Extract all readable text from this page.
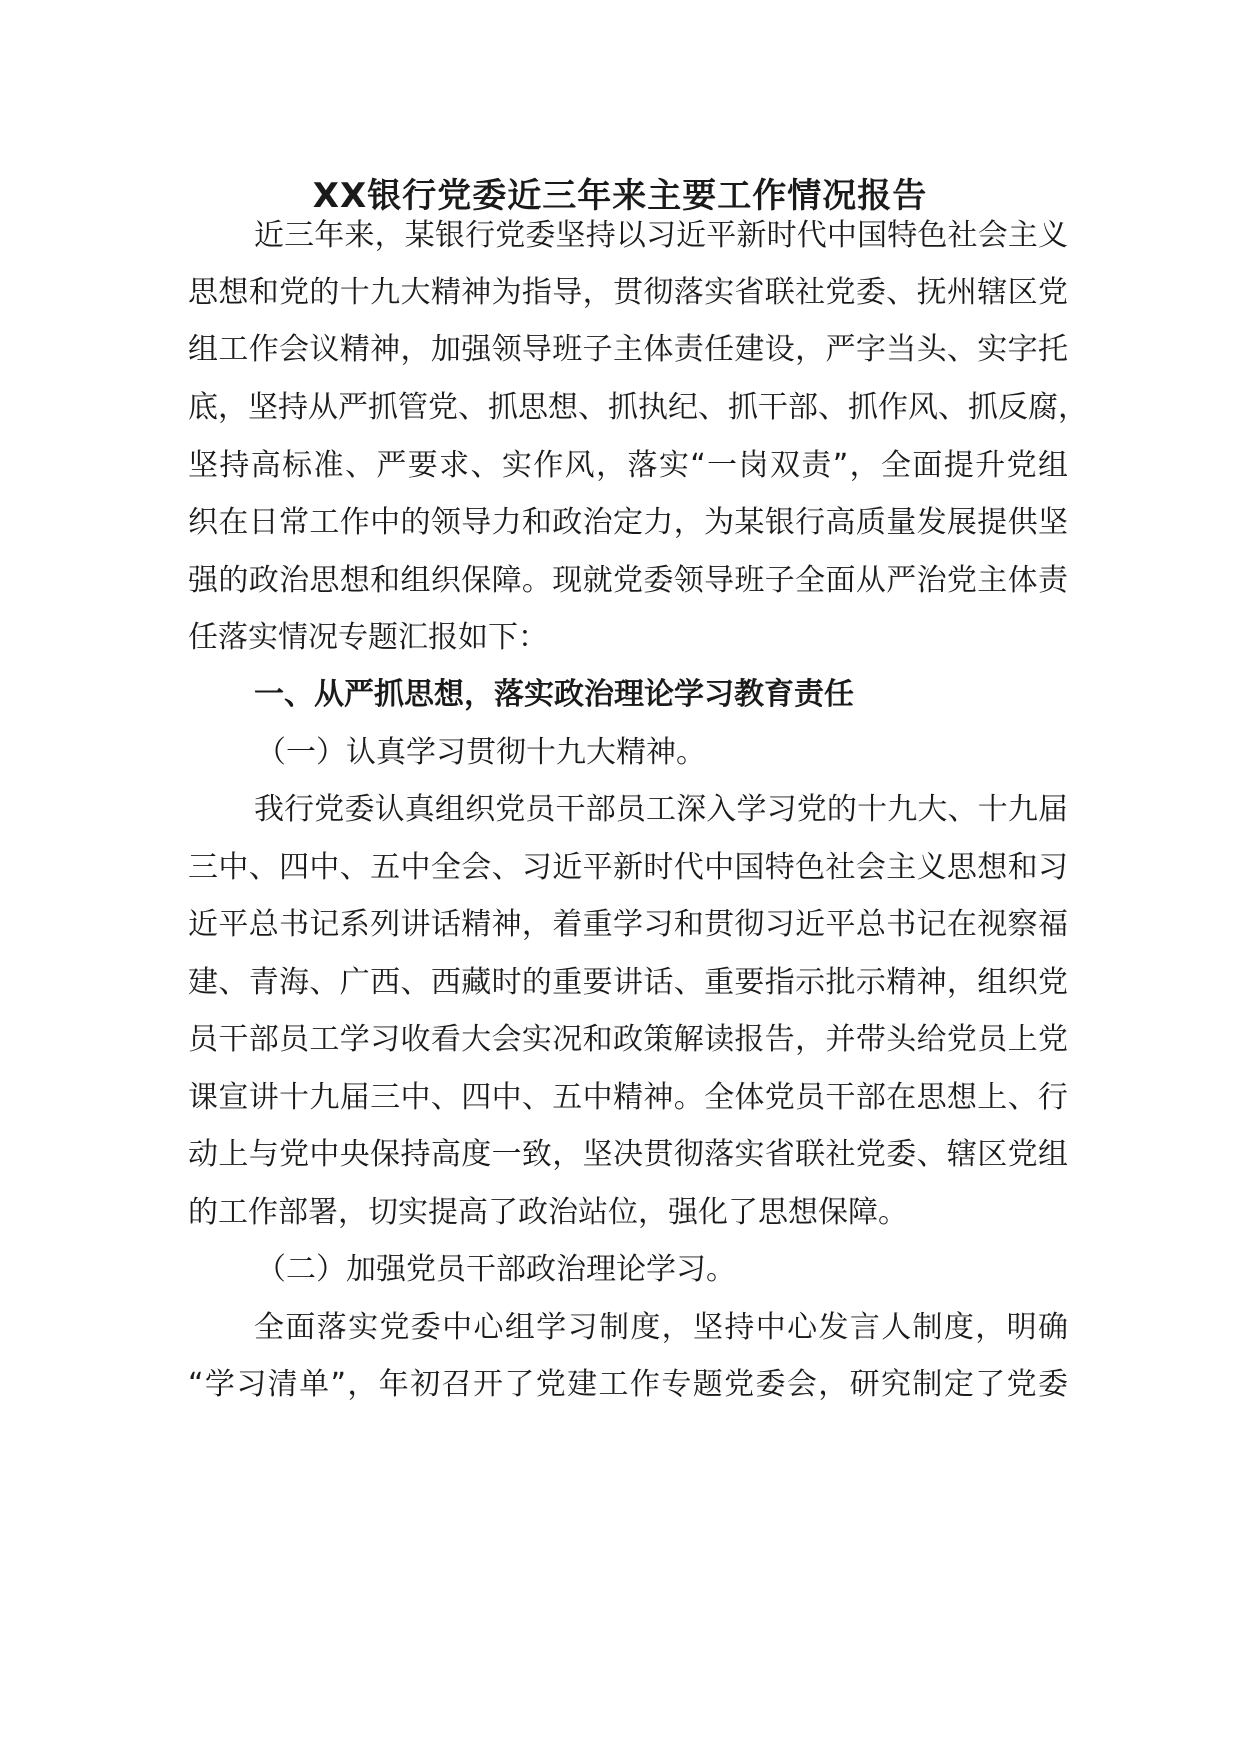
XX银行党委近三年来主要工作情况报告
近三年来，某银行党委坚持以习近平新时代中国特色社会主义
思想和党的十九大精神为指导，贯彻落实省联社党委、抚州辖区党
组工作会议精神，加强领导班子主体责任建设，严字当头、实字托
底，坚持从严抓管党、抓思想、抓执纪、抓干部、抓作风、抓反腐，
坚持高标准、严要求、实作风，落实“一岗双责”，全面提升党组
织在日常工作中的领导力和政治定力，为某银行高质量发展提供坚
强的政治思想和组织保障。现就党委领导班子全面从严治党主体责
任落实情况专题汇报如下：
一、从严抓思想，落实政治理论学习教育责任
（一）认真学习贯彻十九大精神。
我行党委认真组织党员干部员工深入学习党的十九大、十九届
三中、四中、五中全会、习近平新时代中国特色社会主义思想和习
近平总书记系列讲话精神，着重学习和贯彻习近平总书记在视察福
建、青海、广西、西藏时的重要讲话、重要指示批示精神，组织党
员干部员工学习收看大会实况和政策解读报告，并带头给党员上党
课宣讲十九届三中、四中、五中精神。全体党员干部在思想上、行
动上与党中央保持高度一致，坚决贯彻落实省联社党委、辖区党组
的工作部署，切实提高了政治站位，强化了思想保障。
（二）加强党员干部政治理论学习。
全面落实党委中心组学习制度，坚持中心发言人制度，明确
“学习清单”，年初召开了党建工作专题党委会，研究制定了党委
